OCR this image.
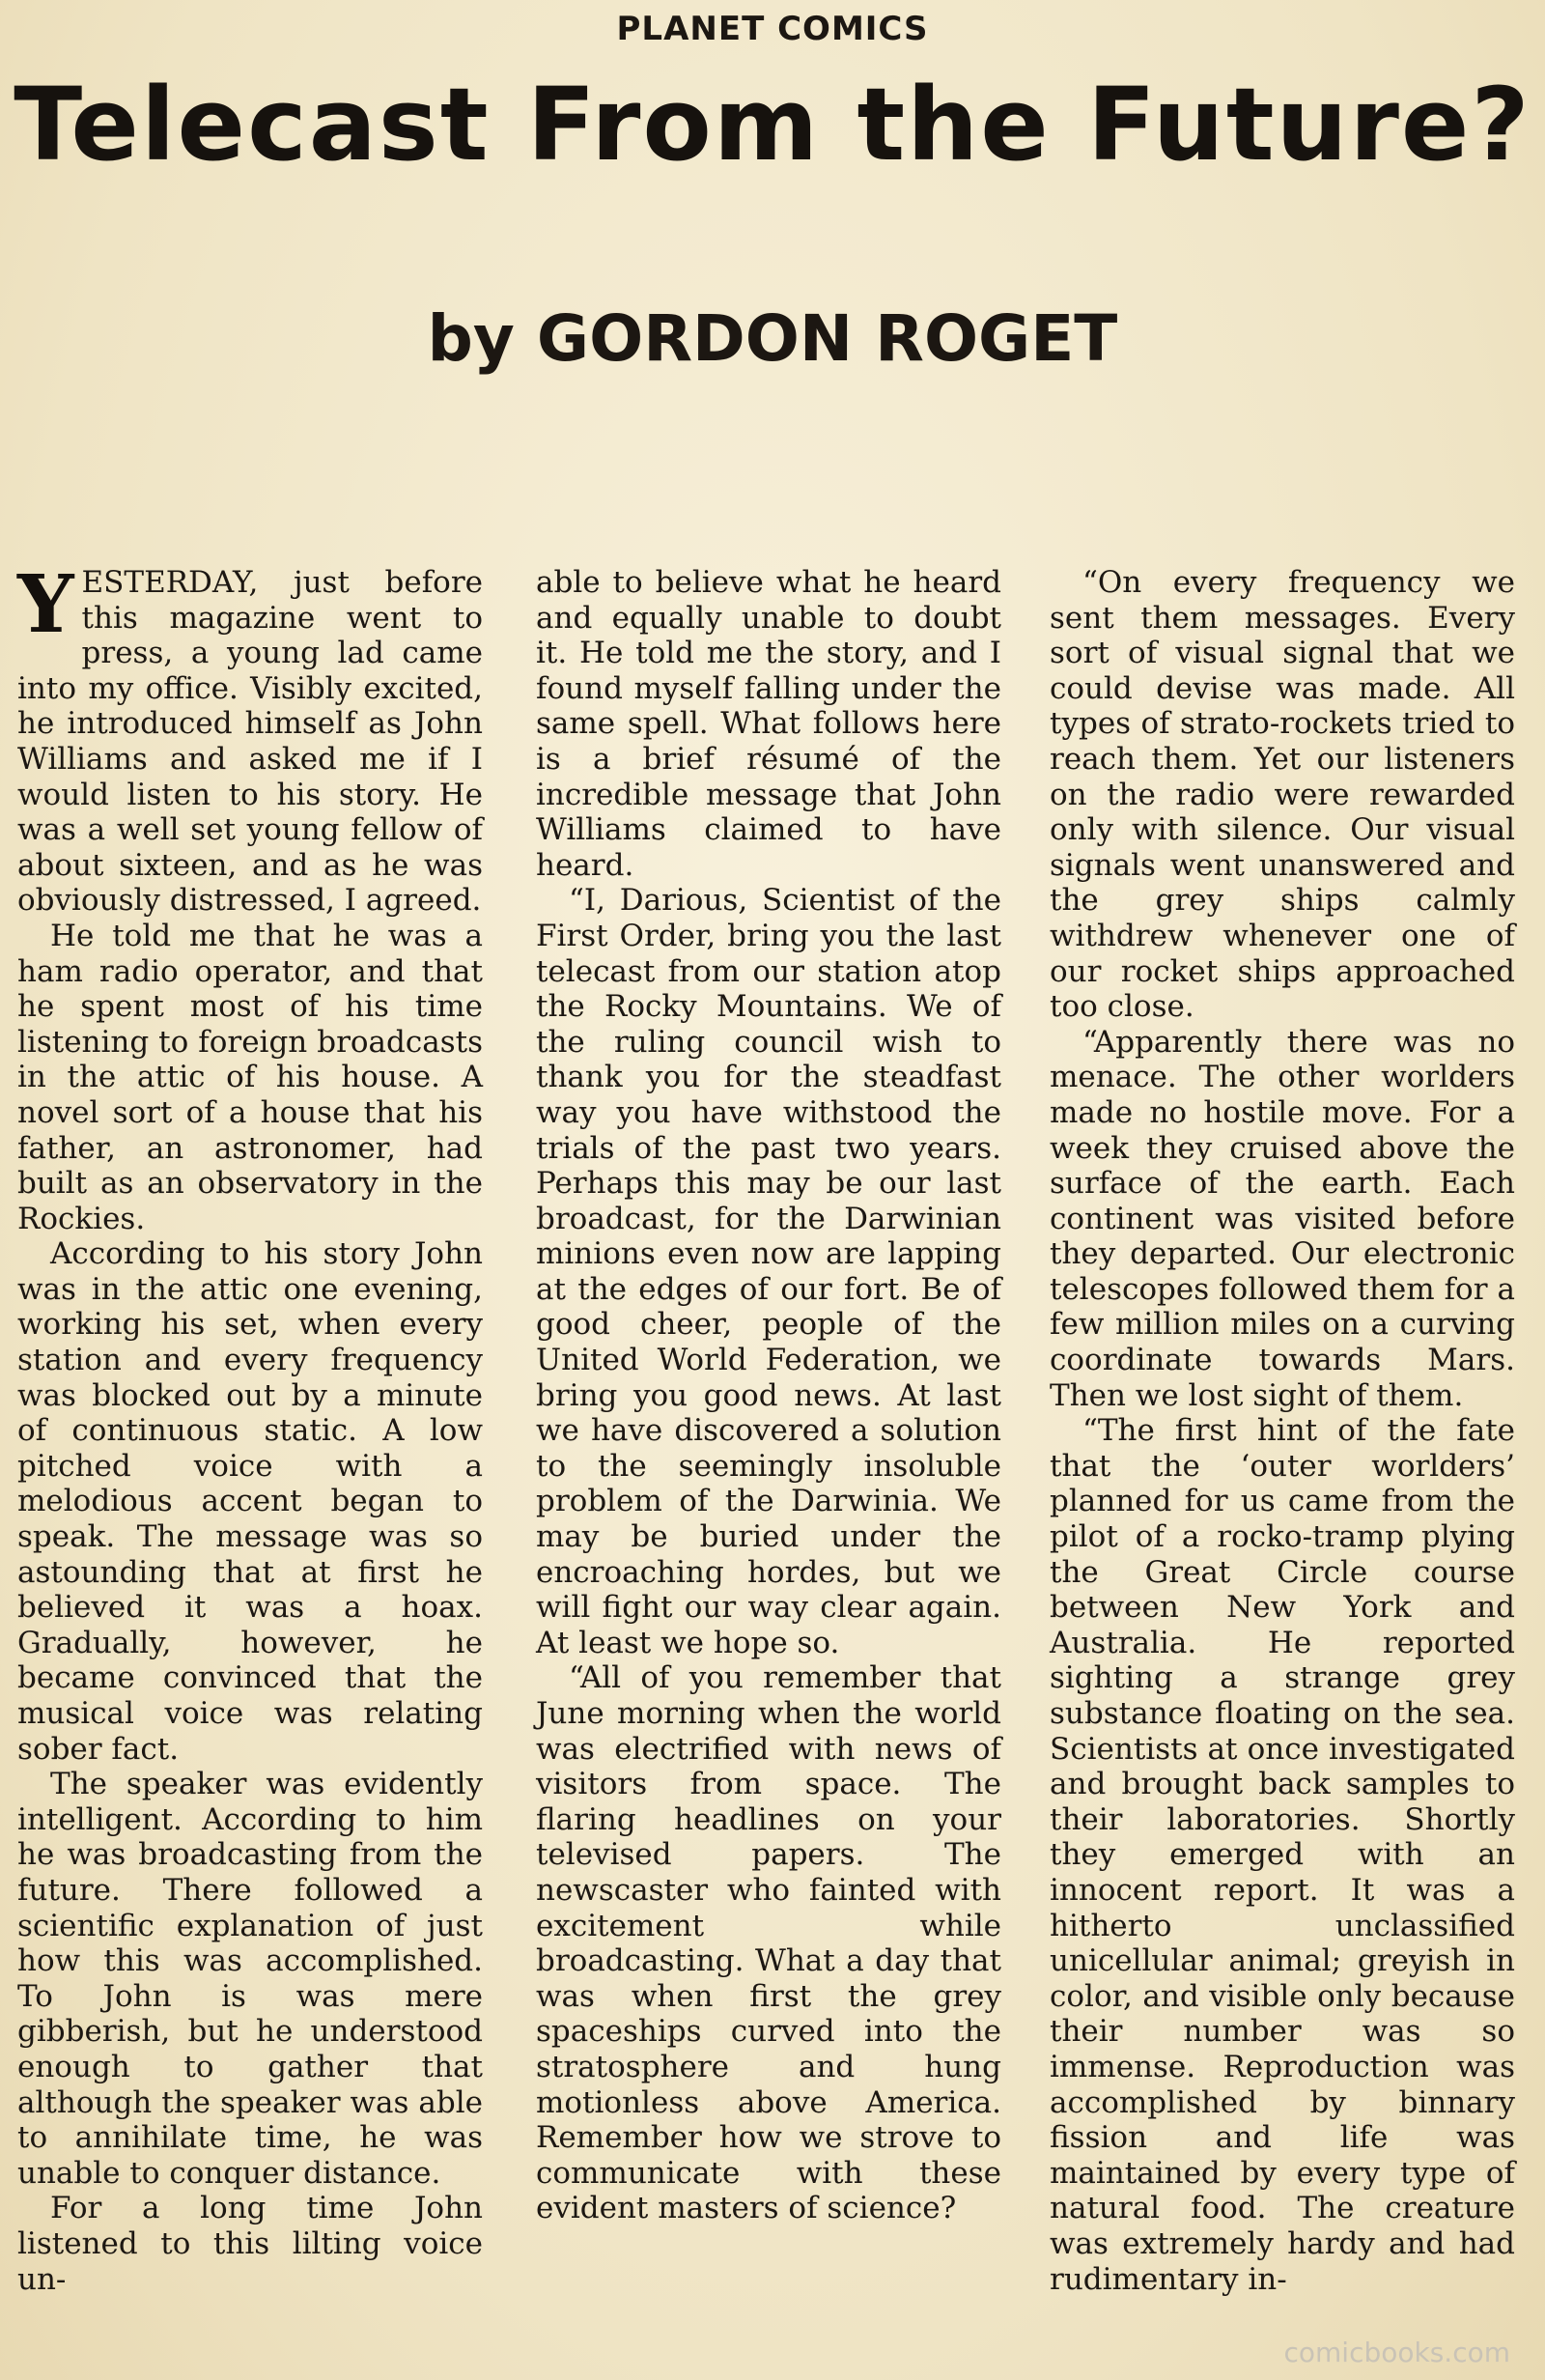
PLANET COMICS
Telecast From the Future?
by GORDON ROGET

YESTERDAY, just before this magazine went to press, a young lad came into my office. Visibly excited, he introduced himself as John Williams and asked me if I would listen to his story. He was a well set young fellow of about sixteen, and as he was obviously distressed, I agreed.

He told me that he was a ham radio operator, and that he spent most of his time listening to foreign broadcasts in the attic of his house. A novel sort of a house that his father, an astronomer, had built as an observatory in the Rockies.

According to his story John was in the attic one evening, working his set, when every station and every frequency was blocked out by a minute of continuous static. A low pitched voice with a melodious accent began to speak. The message was so astounding that at first he believed it was a hoax. Gradually, however, he became convinced that the musical voice was relating sober fact.

The speaker was evidently intelligent. According to him he was broadcasting from the future. There followed a scientific explanation of just how this was accomplished. To John is was mere gibberish, but he understood enough to gather that although the speaker was able to annihilate time, he was unable to conquer distance.

For a long time John listened to this lilting voice un-

able to believe what he heard and equally unable to doubt it. He told me the story, and I found myself falling under the same spell. What follows here is a brief résumé of the incredible message that John Williams claimed to have heard.

“I, Darious, Scientist of the First Order, bring you the last telecast from our station atop the Rocky Mountains. We of the ruling council wish to thank you for the steadfast way you have withstood the trials of the past two years. Perhaps this may be our last broadcast, for the Darwinian minions even now are lapping at the edges of our fort. Be of good cheer, people of the United World Federation, we bring you good news. At last we have discovered a solution to the seemingly insoluble problem of the Darwinia. We may be buried under the encroaching hordes, but we will fight our way clear again. At least we hope so.

“All of you remember that June morning when the world was electrified with news of visitors from space. The flaring headlines on your televised papers. The newscaster who fainted with excitement while broadcasting. What a day that was when first the grey spaceships curved into the stratosphere and hung motionless above America. Remember how we strove to communicate with these evident masters of science?

“On every frequency we sent them messages. Every sort of visual signal that we could devise was made. All types of strato-rockets tried to reach them. Yet our listeners on the radio were rewarded only with silence. Our visual signals went unanswered and the grey ships calmly withdrew whenever one of our rocket ships approached too close.

“Apparently there was no menace. The other worlders made no hostile move. For a week they cruised above the surface of the earth. Each continent was visited before they departed. Our electronic telescopes followed them for a few million miles on a curving coordinate towards Mars. Then we lost sight of them.

“The first hint of the fate that the ‘outer worlders’ planned for us came from the pilot of a rocko-tramp plying the Great Circle course between New York and Australia. He reported sighting a strange grey substance floating on the sea. Scientists at once investigated and brought back samples to their laboratories. Shortly they emerged with an innocent report. It was a hitherto unclassified unicellular animal; greyish in color, and visible only because their number was so immense. Reproduction was accomplished by binnary fission and life was maintained by every type of natural food. The creature was extremely hardy and had rudimentary in-

comicbooks.com
